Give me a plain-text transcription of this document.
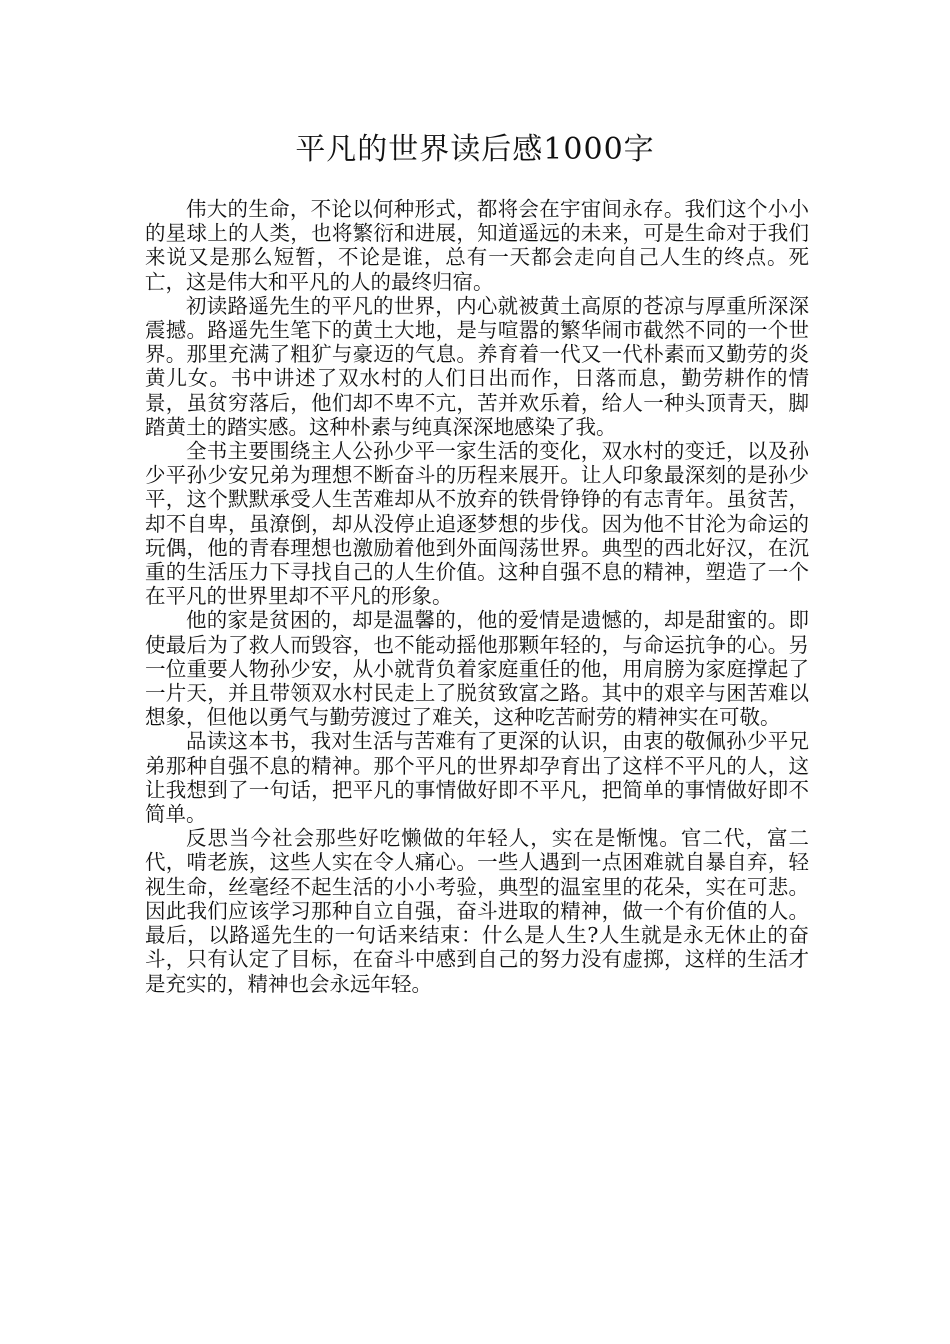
平凡的世界读后感1000字

伟大的生命，不论以何种形式，都将会在宇宙间永存。我们这个小小的星球上的人类，也将繁衍和进展，知道遥远的未来，可是生命对于我们来说又是那么短暂，不论是谁，总有一天都会走向自己人生的终点。死亡，这是伟大和平凡的人的最终归宿。

初读路遥先生的平凡的世界，内心就被黄土高原的苍凉与厚重所深深震撼。路遥先生笔下的黄土大地，是与喧嚣的繁华闹市截然不同的一个世界。那里充满了粗犷与豪迈的气息。养育着一代又一代朴素而又勤劳的炎黄儿女。书中讲述了双水村的人们日出而作，日落而息，勤劳耕作的情景，虽贫穷落后，他们却不卑不亢，苦并欢乐着，给人一种头顶青天，脚踏黄土的踏实感。这种朴素与纯真深深地感染了我。

全书主要围绕主人公孙少平一家生活的变化，双水村的变迁，以及孙少平孙少安兄弟为理想不断奋斗的历程来展开。让人印象最深刻的是孙少平，这个默默承受人生苦难却从不放弃的铁骨铮铮的有志青年。虽贫苦，却不自卑，虽潦倒，却从没停止追逐梦想的步伐。因为他不甘沦为命运的玩偶，他的青春理想也激励着他到外面闯荡世界。典型的西北好汉，在沉重的生活压力下寻找自己的人生价值。这种自强不息的精神，塑造了一个在平凡的世界里却不平凡的形象。

他的家是贫困的，却是温馨的，他的爱情是遗憾的，却是甜蜜的。即使最后为了救人而毁容，也不能动摇他那颗年轻的，与命运抗争的心。另一位重要人物孙少安，从小就背负着家庭重任的他，用肩膀为家庭撑起了一片天，并且带领双水村民走上了脱贫致富之路。其中的艰辛与困苦难以想象，但他以勇气与勤劳渡过了难关，这种吃苦耐劳的精神实在可敬。

品读这本书，我对生活与苦难有了更深的认识，由衷的敬佩孙少平兄弟那种自强不息的精神。那个平凡的世界却孕育出了这样不平凡的人，这让我想到了一句话，把平凡的事情做好即不平凡，把简单的事情做好即不简单。

反思当今社会那些好吃懒做的年轻人，实在是惭愧。官二代，富二代，啃老族，这些人实在令人痛心。一些人遇到一点困难就自暴自弃，轻视生命，丝毫经不起生活的小小考验，典型的温室里的花朵，实在可悲。因此我们应该学习那种自立自强，奋斗进取的精神，做一个有价值的人。最后，以路遥先生的一句话来结束：什么是人生?人生就是永无休止的奋斗，只有认定了目标，在奋斗中感到自己的努力没有虚掷，这样的生活才是充实的，精神也会永远年轻。
